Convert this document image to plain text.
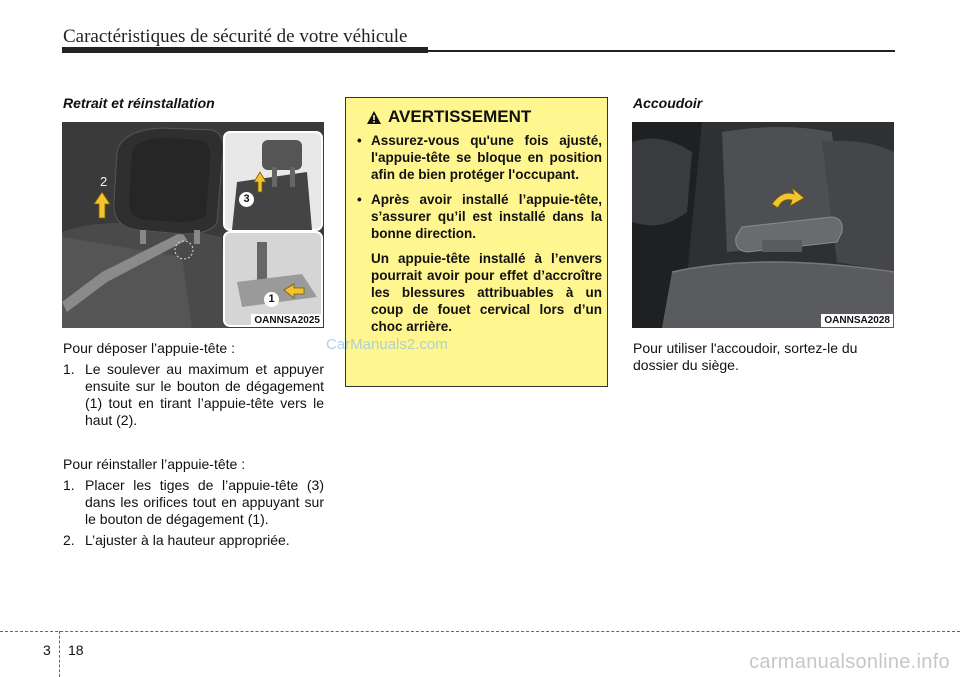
Caractéristiques de sécurité de votre véhicule
Retrait et réinstallation
2
3
1
OANNSA2025

Pour déposer l’appuie-tête :

1. Le soulever au maximum et appuyer ensuite sur le bouton de dégagement (1) tout en tirant l’appuie-tête vers le haut (2).

Pour réinstaller l’appuie-tête :

1. Placer les tiges de l’appuie-tête (3) dans les orifices tout en appuyant sur le bouton de dégagement (1).
2. L’ajuster à la hauteur appropriée.
AVERTISSEMENT
• Assurez-vous qu'une fois ajusté, l'appuie-tête se bloque en position afin de bien protéger l'occupant.
• Après avoir installé l’appuie-tête, s’assurer qu’il est installé dans la bonne direction.
Un appuie-tête installé à l’envers pourrait avoir pour effet d’accroître les blessures attribuables à un coup de fouet cervical lors d’un choc arrière.
CarManuals2.com
Accoudoir
OANNSA2028
Pour utiliser l'accoudoir, sortez-le du dossier du siège.
3 18
carmanualsonline.info
